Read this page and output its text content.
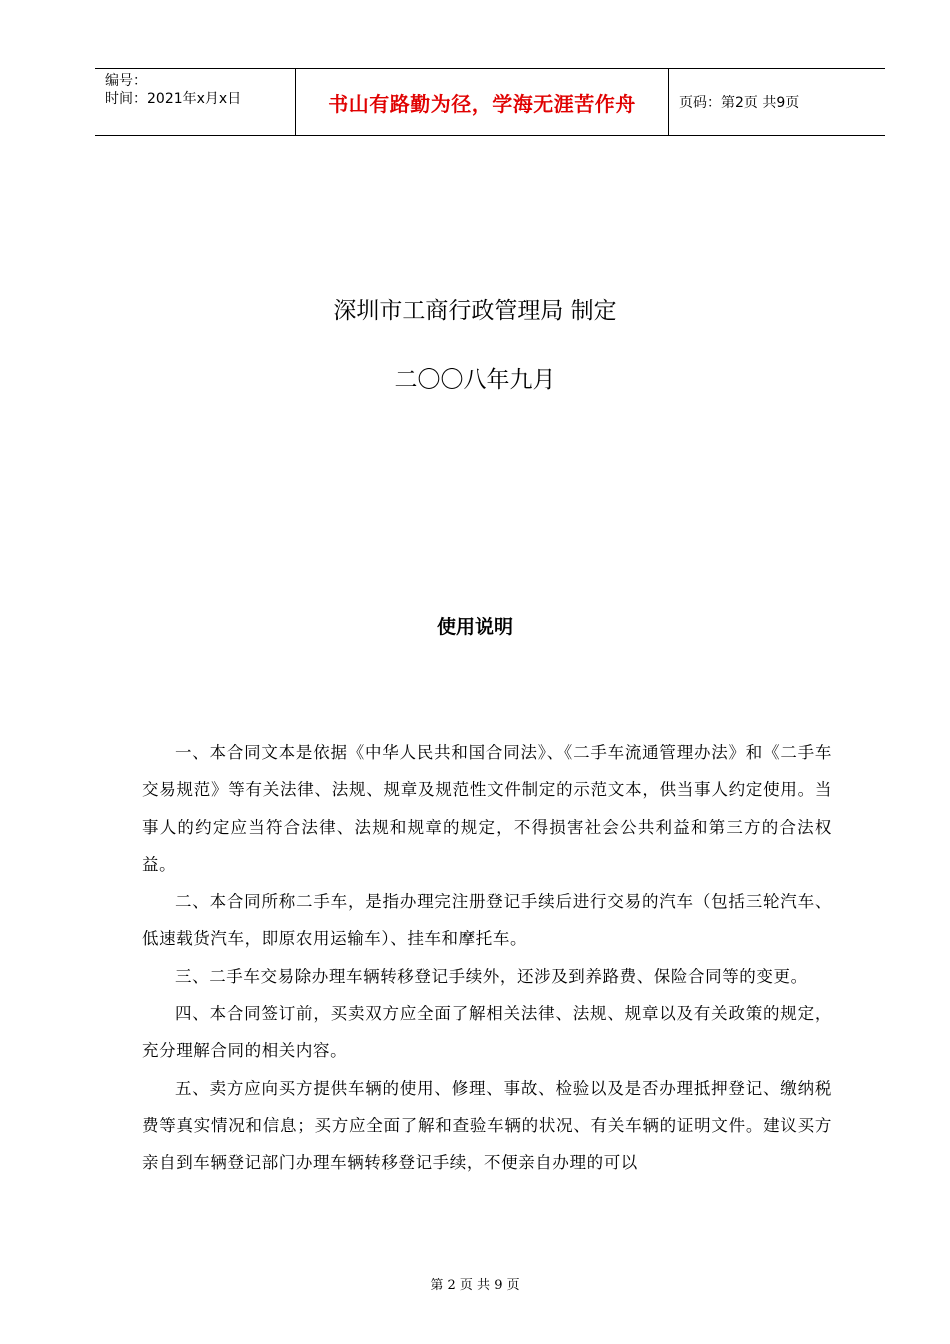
编号：
时间：2021年x月x日	书山有路勤为径，学海无涯苦作舟	页码：第2页 共9页
深圳市工商行政管理局 制定
二〇〇八年九月
使用说明

一、本合同文本是依据《中华人民共和国合同法》、《二手车流通管理办法》和《二手车交易规范》等有关法律、法规、规章及规范性文件制定的示范文本，供当事人约定使用。当事人的约定应当符合法律、法规和规章的规定，不得损害社会公共利益和第三方的合法权益。

二、本合同所称二手车，是指办理完注册登记手续后进行交易的汽车（包括三轮汽车、低速载货汽车，即原农用运输车）、挂车和摩托车。

三、二手车交易除办理车辆转移登记手续外，还涉及到养路费、保险合同等的变更。

四、本合同签订前，买卖双方应全面了解相关法律、法规、规章以及有关政策的规定，充分理解合同的相关内容。

五、卖方应向买方提供车辆的使用、修理、事故、检验以及是否办理抵押登记、缴纳税费等真实情况和信息；买方应全面了解和查验车辆的状况、有关车辆的证明文件。建议买方亲自到车辆登记部门办理车辆转移登记手续，不便亲自办理的可以

第 2 页 共 9 页
